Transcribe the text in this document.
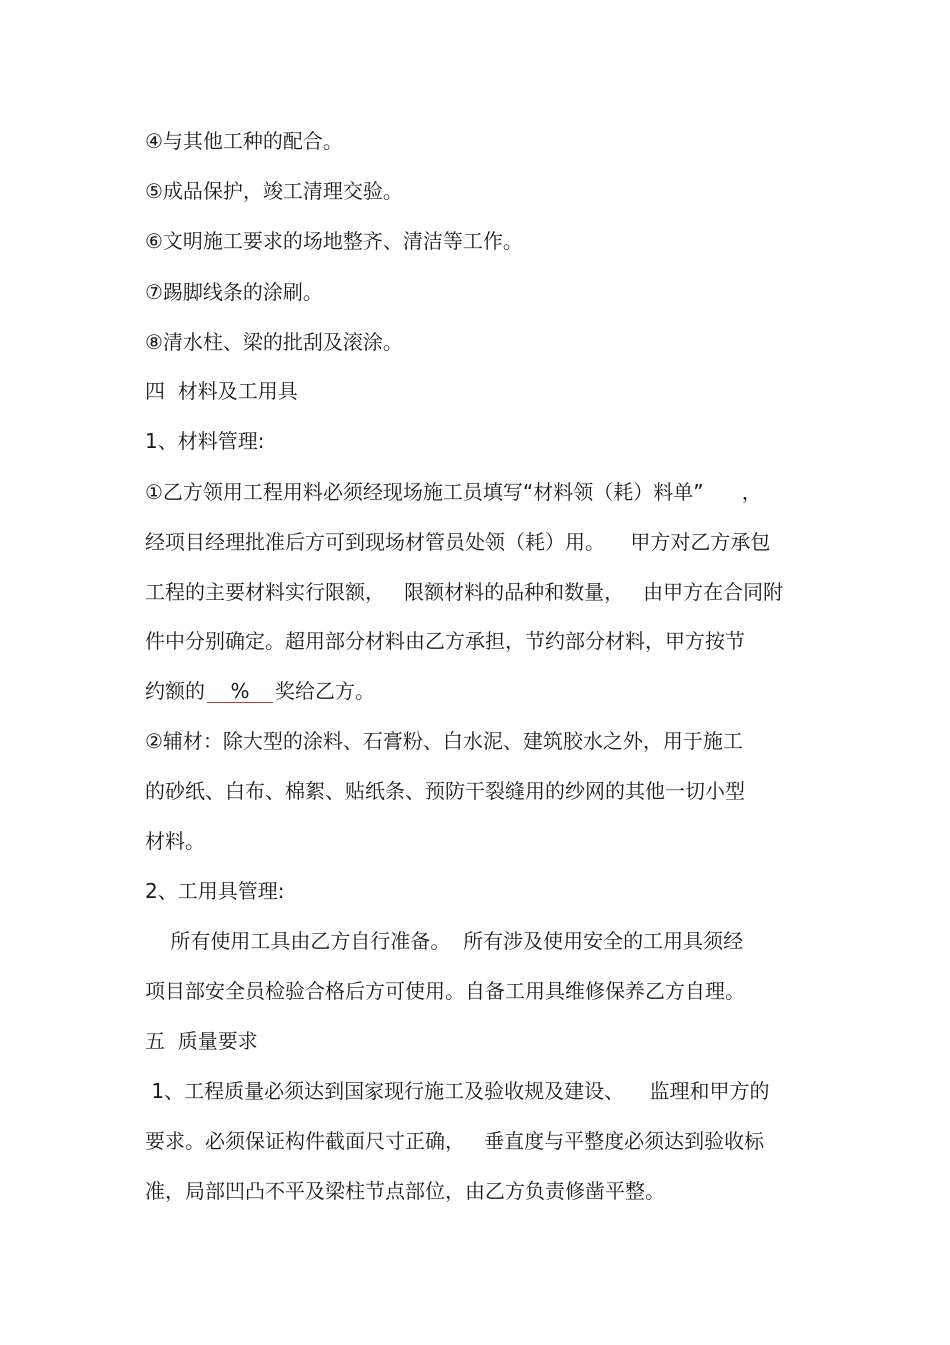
④与其他工种的配合。

⑤成品保护，竣工清理交验。

⑥文明施工要求的场地整齐、清洁等工作。

⑦踢脚线条的涂刷。

⑧清水柱、梁的批刮及滚涂。

四  材料及工用具

1、材料管理:

①乙方领用工程用料必须经现场施工员填写“材料领（耗）料单”      ，

经项目经理批准后方可到现场材管员处领（耗）用。    甲方对乙方承包

工程的主要材料实行限额，   限额材料的品种和数量，   由甲方在合同附

件中分别确定。超用部分材料由乙方承担，节约部分材料，甲方按节

约额的 % 奖给乙方。

②辅材：除大型的涂料、石膏粉、白水泥、建筑胶水之外，用于施工

的砂纸、白布、棉絮、贴纸条、预防干裂缝用的纱网的其他一切小型

材料。

2、工用具管理:

所有使用工具由乙方自行准备。  所有涉及使用安全的工用具须经

项目部安全员检验合格后方可使用。自备工用具维修保养乙方自理。

五  质量要求

1、工程质量必须达到国家现行施工及验收规及建设、    监理和甲方的

要求。必须保证构件截面尺寸正确，   垂直度与平整度必须达到验收标

准，局部凹凸不平及梁柱节点部位，由乙方负责修凿平整。
